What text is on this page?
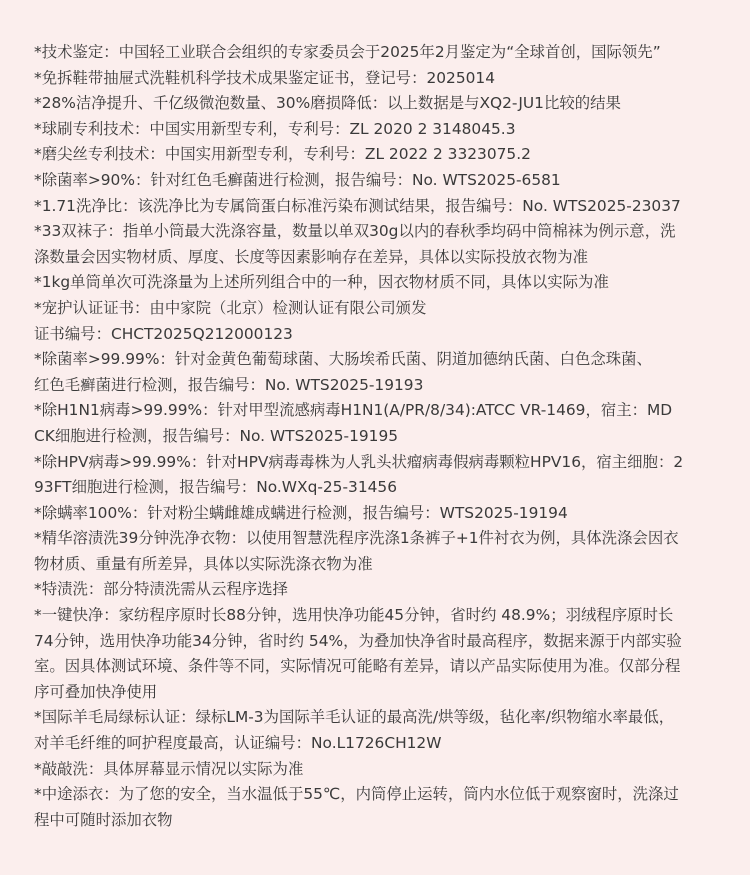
*技术鉴定：中国轻工业联合会组织的专家委员会于2025年2月鉴定为“全球首创，国际领先”
*免拆鞋带抽屉式洗鞋机科学技术成果鉴定证书，登记号：2025014
*28%洁净提升、千亿级微泡数量、30%磨损降低：以上数据是与XQ2-JU1比较的结果
*球刷专利技术：中国实用新型专利，专利号：ZL 2020 2 3148045.3
*磨尖丝专利技术：中国实用新型专利，专利号：ZL 2022 2 3323075.2
*除菌率>90%：针对红色毛癣菌进行检测，报告编号：No. WTS2025-6581
*1.71洗净比：该洗净比为专属筒蛋白标准污染布测试结果，报告编号：No. WTS2025-23037
*33双袜子：指单小筒最大洗涤容量，数量以单双30g以内的春秋季均码中筒棉袜为例示意，洗
涤数量会因实物材质、厚度、长度等因素影响存在差异，具体以实际投放衣物为准
*1kg单筒单次可洗涤量为上述所列组合中的一种，因衣物材质不同，具体以实际为准
*宠护认证证书：由中家院（北京）检测认证有限公司颁发
证书编号：CHCT2025Q212000123
*除菌率>99.99%：针对金黄色葡萄球菌、大肠埃希氏菌、阴道加德纳氏菌、白色念珠菌、
红色毛癣菌进行检测，报告编号：No. WTS2025-19193
*除H1N1病毒>99.99%：针对甲型流感病毒H1N1(A/PR/8/34):ATCC VR-1469，宿主：MD
CK细胞进行检测，报告编号：No. WTS2025-19195
*除HPV病毒>99.99%：针对HPV病毒毒株为人乳头状瘤病毒假病毒颗粒HPV16，宿主细胞：2
93FT细胞进行检测，报告编号：No.WXq-25-31456
*除螨率100%：针对粉尘螨雌雄成螨进行检测，报告编号：WTS2025-19194
*精华溶渍洗39分钟洗净衣物：以使用智慧洗程序洗涤1条裤子+1件衬衣为例，具体洗涤会因衣
物材质、重量有所差异，具体以实际洗涤衣物为准
*特渍洗：部分特渍洗需从云程序选择
*一键快净：家纺程序原时长88分钟，选用快净功能45分钟，省时约 48.9%；羽绒程序原时长
74分钟，选用快净功能34分钟，省时约 54%，为叠加快净省时最高程序，数据来源于内部实验
室。因具体测试环境、条件等不同，实际情况可能略有差异，请以产品实际使用为准。仅部分程
序可叠加快净使用
*国际羊毛局绿标认证：绿标LM-3为国际羊毛认证的最高洗/烘等级，毡化率/织物缩水率最低，
对羊毛纤维的呵护程度最高，认证编号：No.L1726CH12W
*敲敲洗：具体屏幕显示情况以实际为准
*中途添衣：为了您的安全，当水温低于55℃，内筒停止运转，筒内水位低于观察窗时，洗涤过
程中可随时添加衣物
